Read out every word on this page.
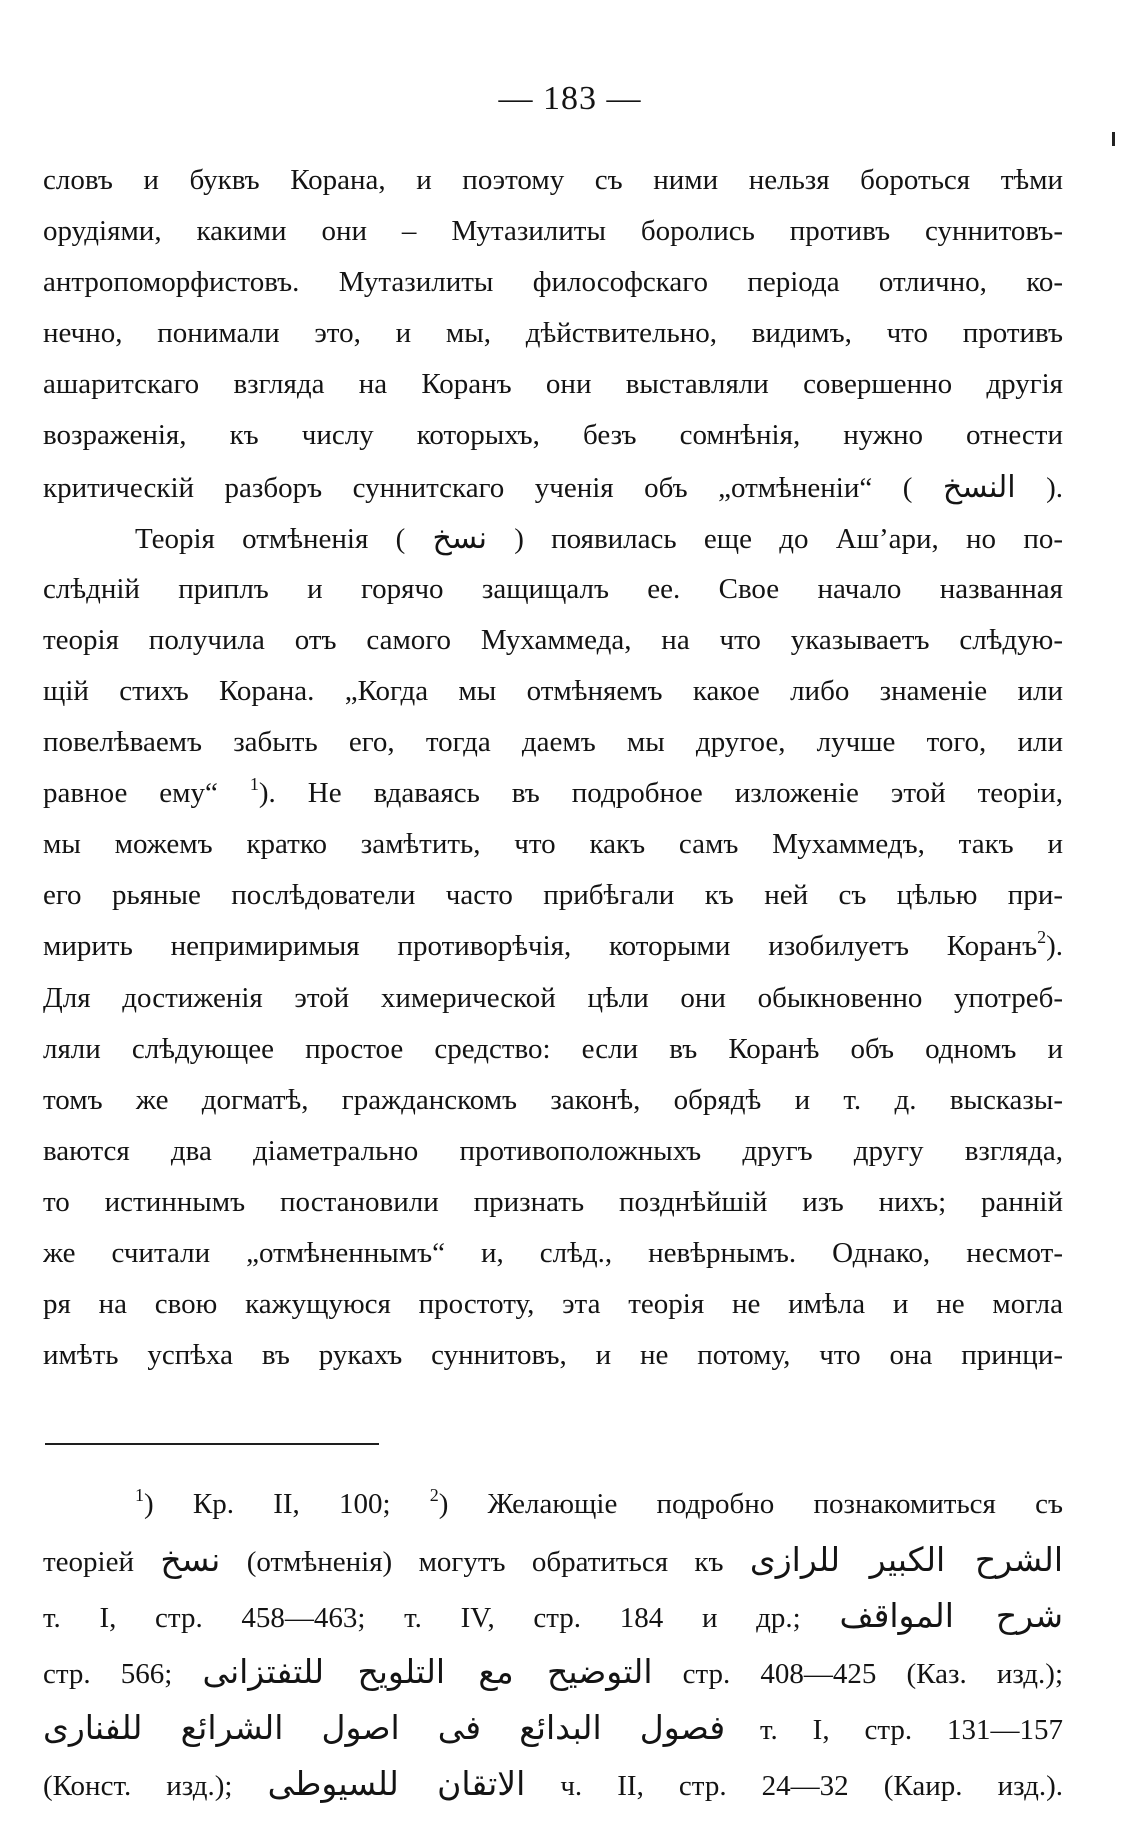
— 183 —
словъ и буквъ Корана, и поэтому съ ними нельзя бороться тѣми
орудіями, какими они – Мутазилиты боролись противъ суннитовъ-
антропоморфистовъ. Мутазилиты философскаго періода отлично, ко-
нечно, понимали это, и мы, дѣйствительно, видимъ, что противъ
ашаритскаго взгляда на Коранъ они выставляли совершенно другія
возраженія, къ числу которыхъ, безъ сомнѣнія, нужно отнести
критическій разборъ суннитскаго ученія объ „отмѣненіи“ ( النسخ ).
Теорія отмѣненія ( نسخ ) появилась еще до Аш’ари, но по-
слѣдній приплъ и горячо защищалъ ее. Свое начало названная
теорія получила отъ самого Мухаммеда, на что указываетъ слѣдую-
щій стихъ Корана. „Когда мы отмѣняемъ какое либо знаменіе или
повелѣваемъ забыть его, тогда даемъ мы другое, лучше того, или
равное ему“ $^1$). Не вдаваясь въ подробное изложеніе этой теоріи,
мы можемъ кратко замѣтить, что какъ самъ Мухаммедъ, такъ и
его рьяные послѣдователи часто прибѣгали къ ней съ цѣлью при-
мирить непримиримыя противорѣчія, которыми изобилуетъ Коранъ$^2$).
Для достиженія этой химерической цѣли они обыкновенно употреб-
ляли слѣдующее простое средство: если въ Коранѣ объ одномъ и
томъ же догматѣ, гражданскомъ законѣ, обрядѣ и т. д. высказы-
ваются два діаметрально противоположныхъ другъ другу взгляда,
то истиннымъ постановили признать позднѣйшій изъ нихъ; ранній
же считали „отмѣненнымъ“ и, слѣд., невѣрнымъ. Однако, несмот-
ря на свою кажущуюся простоту, эта теорія не имѣла и не могла
имѣть успѣха въ рукахъ суннитовъ, и не потому, что она принци-
$^1$) Кр. II, 100; $^2$) Желающіе подробно познакомиться съ
теоріей نسخ (отмѣненія) могутъ обратиться къ الشرح الكبير للرازى
т. I, стр. 458—463; т. IV, стр. 184 и др.; شرح المواقف
стр. 566; التوضيح مع التلويح للتفتزانى стр. 408—425 (Каз. изд.);
فصول البدائع فى اصول الشرائع للفنارى т. I, стр. 131—157
(Конст. изд.); الاتقان للسيوطى ч. II, стр. 24—32 (Каир. изд.).
